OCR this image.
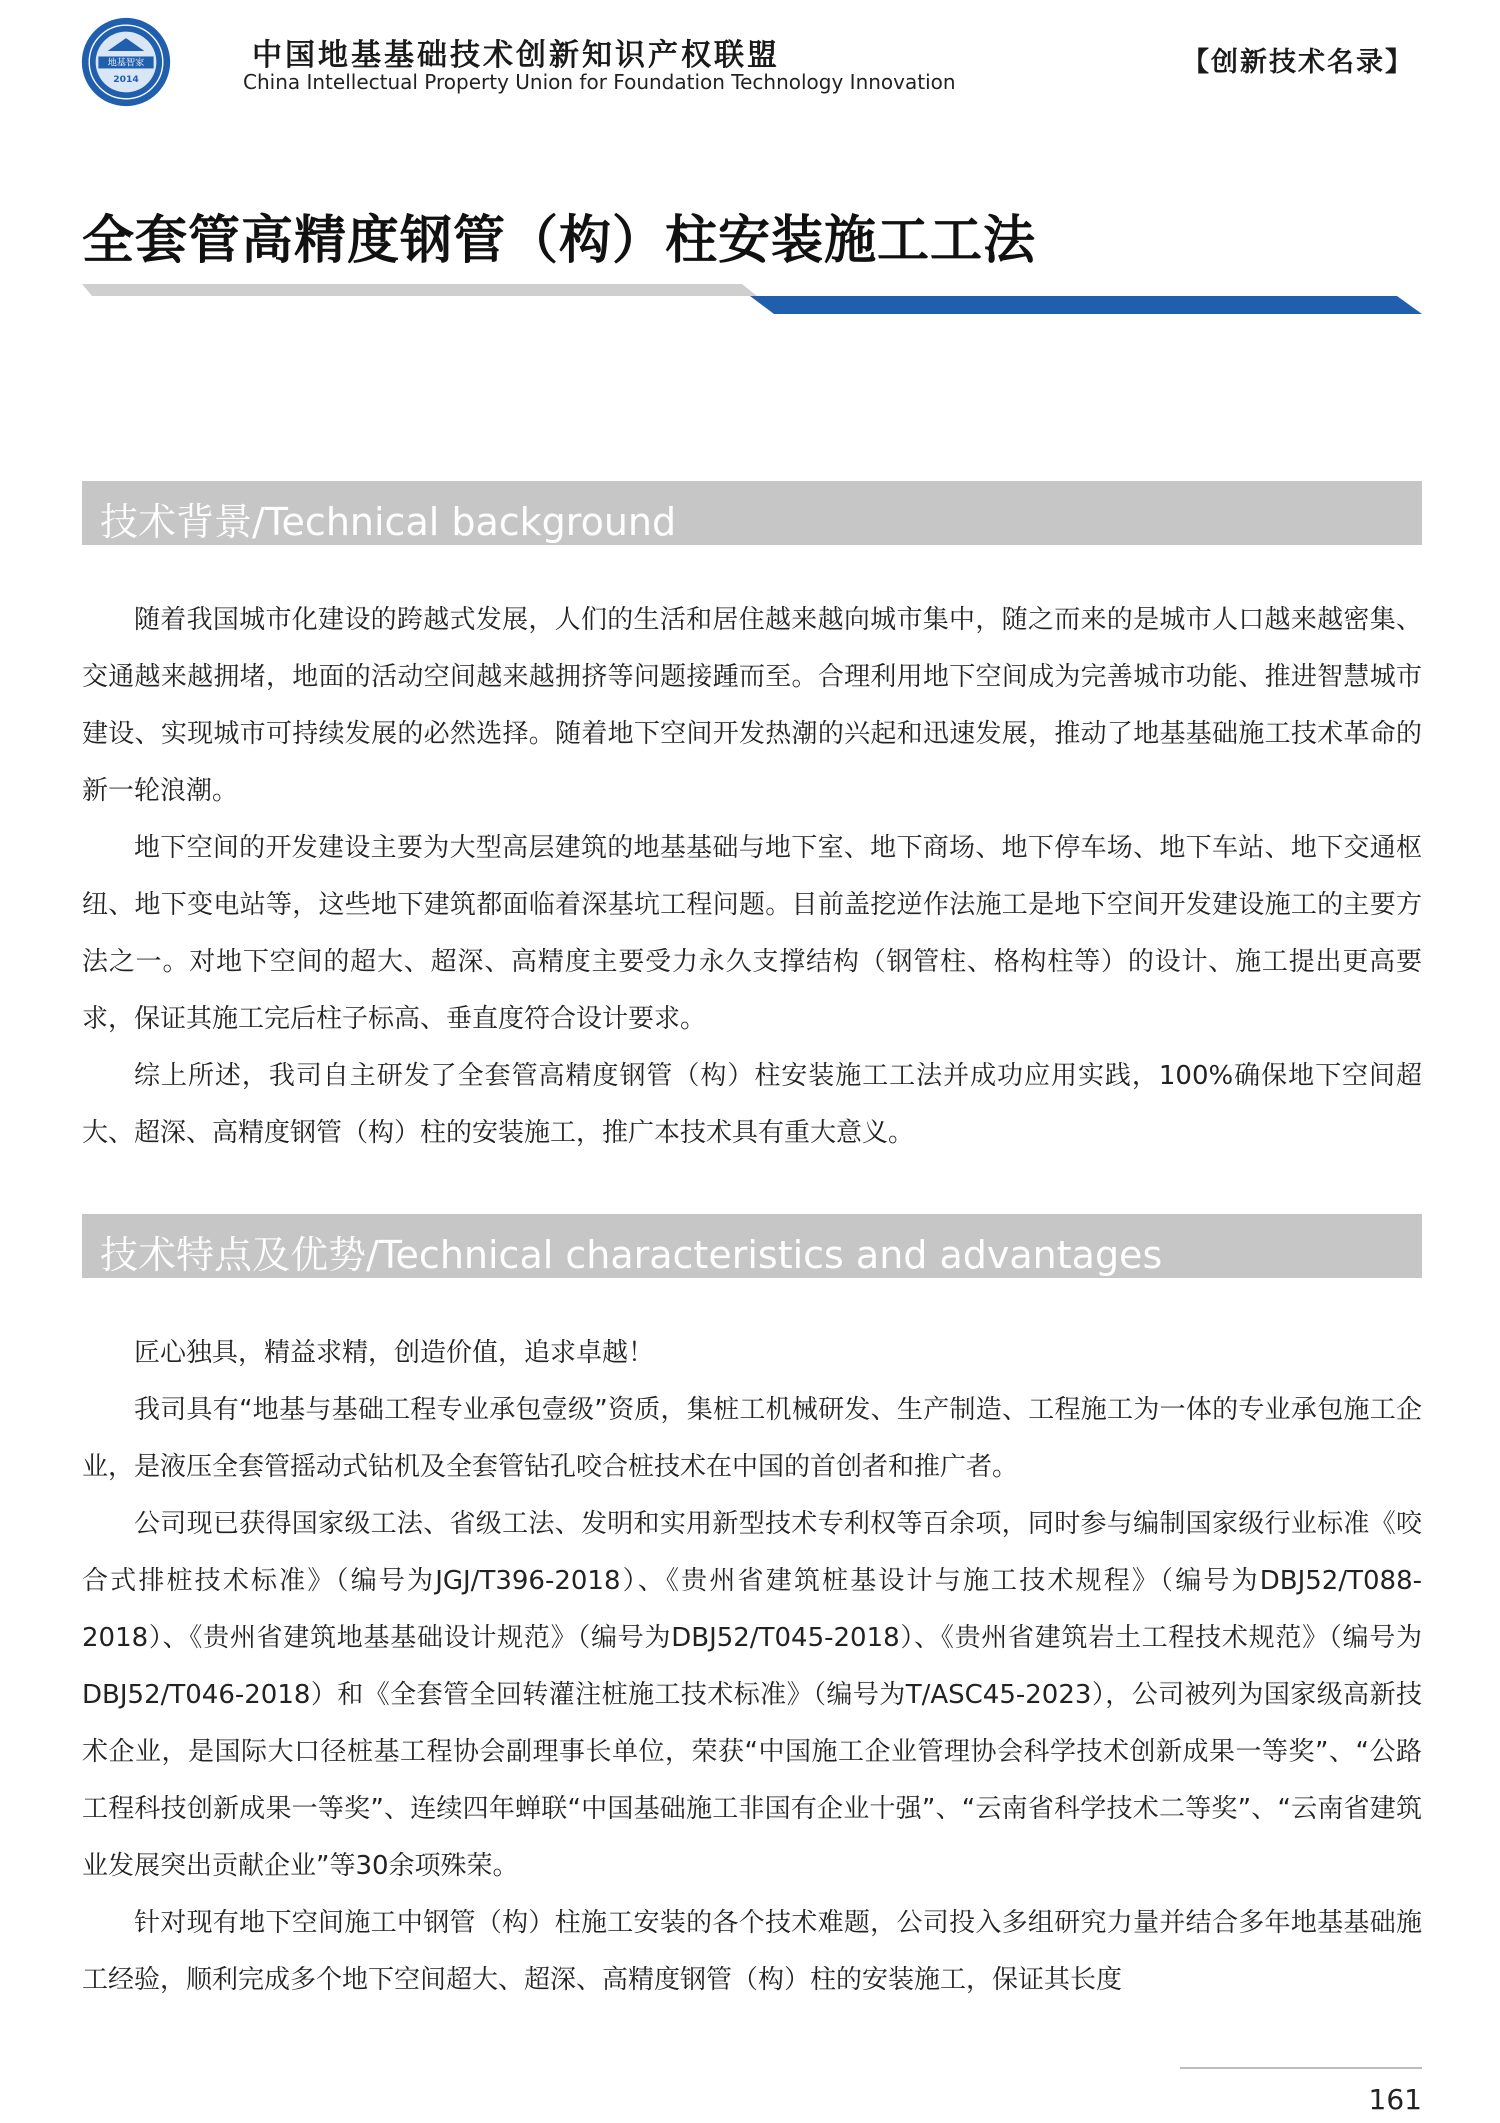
地基智家
2014
中国地基基础技术创新知识产权联盟
China Intellectual Property Union for Foundation Technology Innovation
【创新技术名录】
全套管高精度钢管（构）柱安装施工工法
技术背景/Technical background

随着我国城市化建设的跨越式发展，人们的生活和居住越来越向城市集中，随之而来的是城市人口越来越密集、交通越来越拥堵，地面的活动空间越来越拥挤等问题接踵而至。合理利用地下空间成为完善城市功能、推进智慧城市建设、实现城市可持续发展的必然选择。随着地下空间开发热潮的兴起和迅速发展，推动了地基基础施工技术革命的新一轮浪潮。

地下空间的开发建设主要为大型高层建筑的地基基础与地下室、地下商场、地下停车场、地下车站、地下交通枢纽、地下变电站等，这些地下建筑都面临着深基坑工程问题。目前盖挖逆作法施工是地下空间开发建设施工的主要方法之一。对地下空间的超大、超深、高精度主要受力永久支撑结构（钢管柱、格构柱等）的设计、施工提出更高要求，保证其施工完后柱子标高、垂直度符合设计要求。

综上所述，我司自主研发了全套管高精度钢管（构）柱安装施工工法并成功应用实践，100%确保地下空间超大、超深、高精度钢管（构）柱的安装施工，推广本技术具有重大意义。

技术特点及优势/Technical characteristics and advantages

匠心独具，精益求精，创造价值，追求卓越！

我司具有“地基与基础工程专业承包壹级”资质，集桩工机械研发、生产制造、工程施工为一体的专业承包施工企业，是液压全套管摇动式钻机及全套管钻孔咬合桩技术在中国的首创者和推广者。

公司现已获得国家级工法、省级工法、发明和实用新型技术专利权等百余项，同时参与编制国家级行业标准《咬合式排桩技术标准》（编号为JGJ/T396-2018）、《贵州省建筑桩基设计与施工技术规程》（编号为DBJ52/T088-2018）、《贵州省建筑地基基础设计规范》（编号为DBJ52/T045-2018）、《贵州省建筑岩土工程技术规范》（编号为DBJ52/T046-2018）和《全套管全回转灌注桩施工技术标准》（编号为T/ASC45-2023），公司被列为国家级高新技术企业，是国际大口径桩基工程协会副理事长单位，荣获“中国施工企业管理协会科学技术创新成果一等奖”、“公路工程科技创新成果一等奖”、连续四年蝉联“中国基础施工非国有企业十强”、“云南省科学技术二等奖”、“云南省建筑业发展突出贡献企业”等30余项殊荣。

针对现有地下空间施工中钢管（构）柱施工安装的各个技术难题，公司投入多组研究力量并结合多年地基基础施工经验，顺利完成多个地下空间超大、超深、高精度钢管（构）柱的安装施工，保证其长度

161
